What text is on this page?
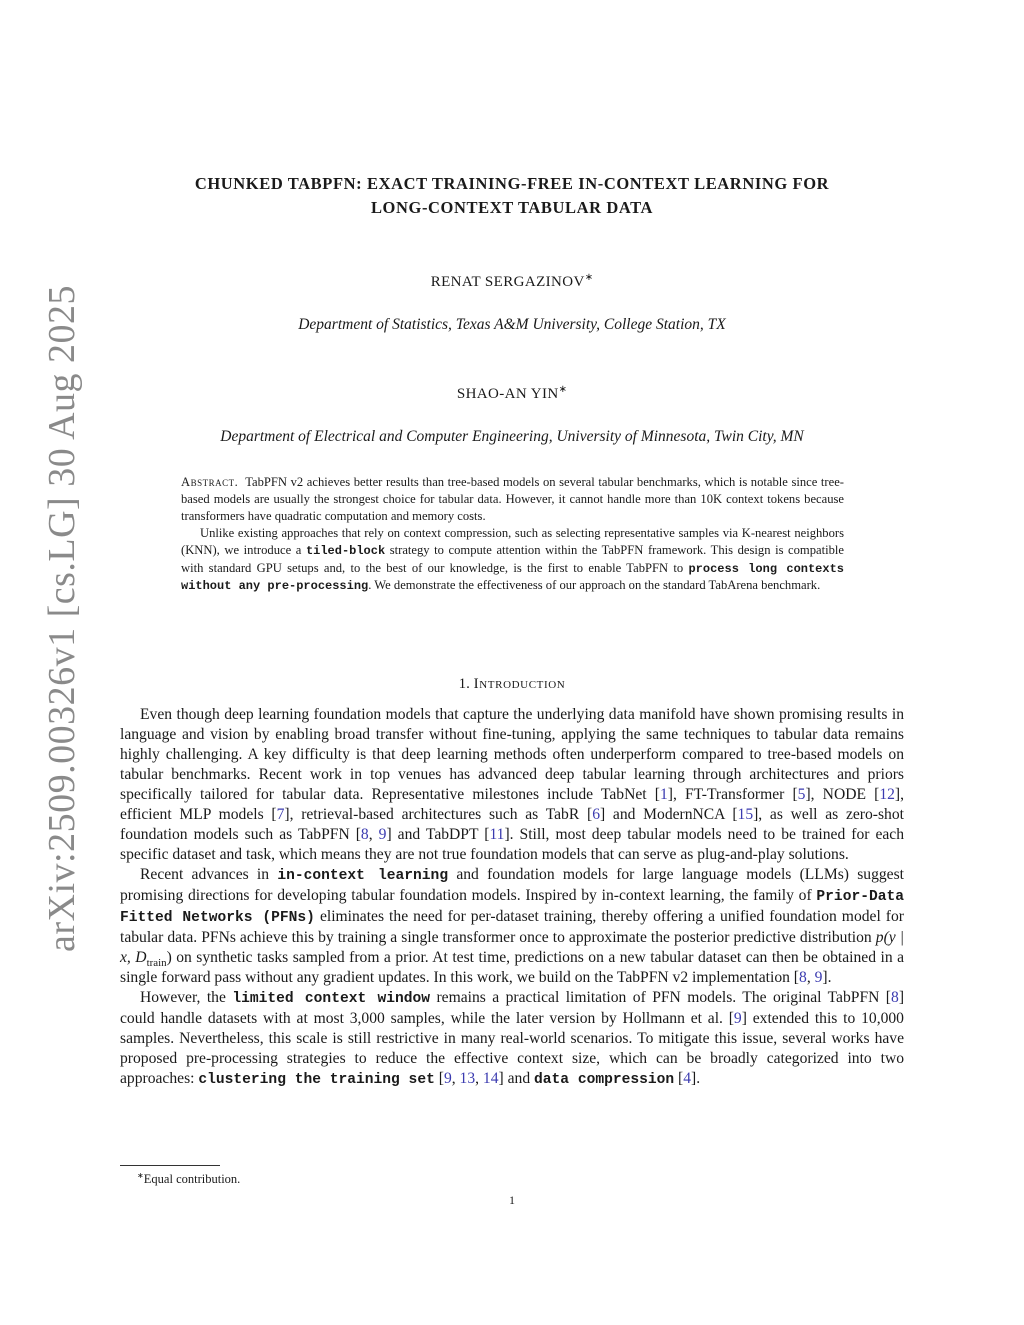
arXiv:2509.00326v1 [cs.LG] 30 Aug 2025
CHUNKED TABPFN: EXACT TRAINING-FREE IN-CONTEXT LEARNING FOR
LONG-CONTEXT TABULAR DATA
RENAT SERGAZINOV∗
Department of Statistics, Texas A&M University, College Station, TX
SHAO-AN YIN∗
Department of Electrical and Computer Engineering, University of Minnesota, Twin City, MN

Abstract. TabPFN v2 achieves better results than tree-based models on several tabular benchmarks, which is notable since tree-based models are usually the strongest choice for tabular data. However, it cannot handle more than 10K context tokens because transformers have quadratic computation and memory costs.

Unlike existing approaches that rely on context compression, such as selecting representative samples via K-nearest neighbors (KNN), we introduce a tiled-block strategy to compute attention within the TabPFN framework. This design is compatible with standard GPU setups and, to the best of our knowledge, is the first to enable TabPFN to process long contexts without any pre-processing. We demonstrate the effectiveness of our approach on the standard TabArena benchmark.

1. Introduction

Even though deep learning foundation models that capture the underlying data manifold have shown promising results in language and vision by enabling broad transfer without fine-tuning, applying the same techniques to tabular data remains highly challenging. A key difficulty is that deep learning methods often underperform compared to tree-based models on tabular benchmarks. Recent work in top venues has advanced deep tabular learning through architectures and priors specifically tailored for tabular data. Representative milestones include TabNet [1], FT-Transformer [5], NODE [12], efficient MLP models [7], retrieval-based architectures such as TabR [6] and ModernNCA [15], as well as zero-shot foundation models such as TabPFN [8, 9] and TabDPT [11]. Still, most deep tabular models need to be trained for each specific dataset and task, which means they are not true foundation models that can serve as plug-and-play solutions.

Recent advances in in-context learning and foundation models for large language models (LLMs) suggest promising directions for developing tabular foundation models. Inspired by in-context learning, the family of Prior-Data Fitted Networks (PFNs) eliminates the need for per-dataset training, thereby offering a unified foundation model for tabular data. PFNs achieve this by training a single transformer once to approximate the posterior predictive distribution p(y | x, $D_{train}$) on synthetic tasks sampled from a prior. At test time, predictions on a new tabular dataset can then be obtained in a single forward pass without any gradient updates. In this work, we build on the TabPFN v2 implementation [8, 9].

However, the limited context window remains a practical limitation of PFN models. The original TabPFN [8] could handle datasets with at most 3,000 samples, while the later version by Hollmann et al. [9] extended this to 10,000 samples. Nevertheless, this scale is still restrictive in many real-world scenarios. To mitigate this issue, several works have proposed pre-processing strategies to reduce the effective context size, which can be broadly categorized into two approaches: clustering the training set [9, 13, 14] and data compression [4].

∗Equal contribution.
1
